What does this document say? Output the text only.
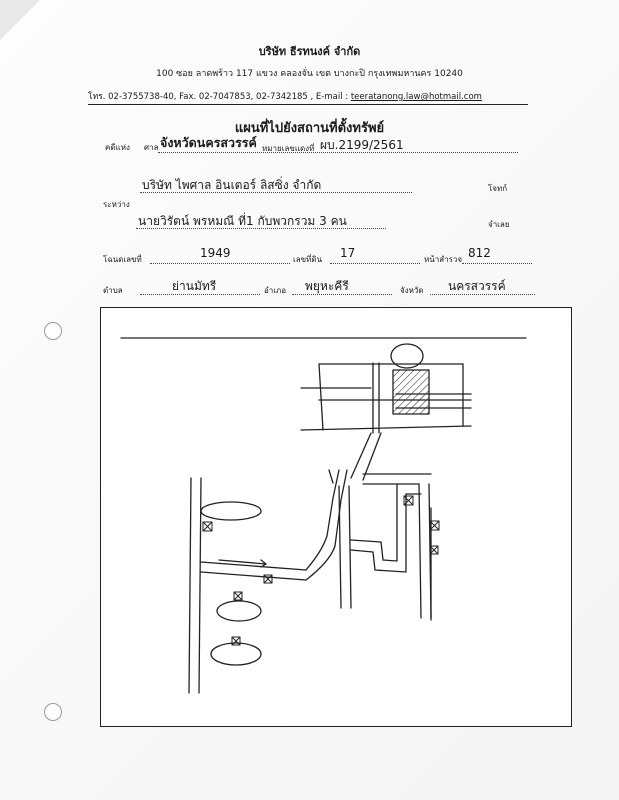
บริษัท ธีรทนงค์ จำกัด
100 ซอย ลาดพร้าว 117 แขวง คลองจั่น เขต บางกะปิ กรุงเทพมหานคร 10240
โทร. 02-3755738-40, Fax. 02-7047853, 02-7342185 , E-mail : teeratanong.law@hotmail.com
แผนที่ไปยังสถานที่ตั้งทรัพย์
คดีแห่ง ศาล จังหวัดนครสวรรค์ หมายเลขแดงที่ ผบ.2199/2561
บริษัท ไพศาล อินเตอร์ ลิสซิ่ง จำกัด	โจทก์
ระหว่าง
นายวิรัตน์ พรหมณี ที่1 กับพวกรวม 3 คน	จำเลย
โฉนดเลขที่	1949	เลขที่ดิน 17	หน้าสำรวจ 812
ตำบล	ย่านมัทรี	อำเภอ พยุหะคีรี	จังหวัด นครสวรรค์
